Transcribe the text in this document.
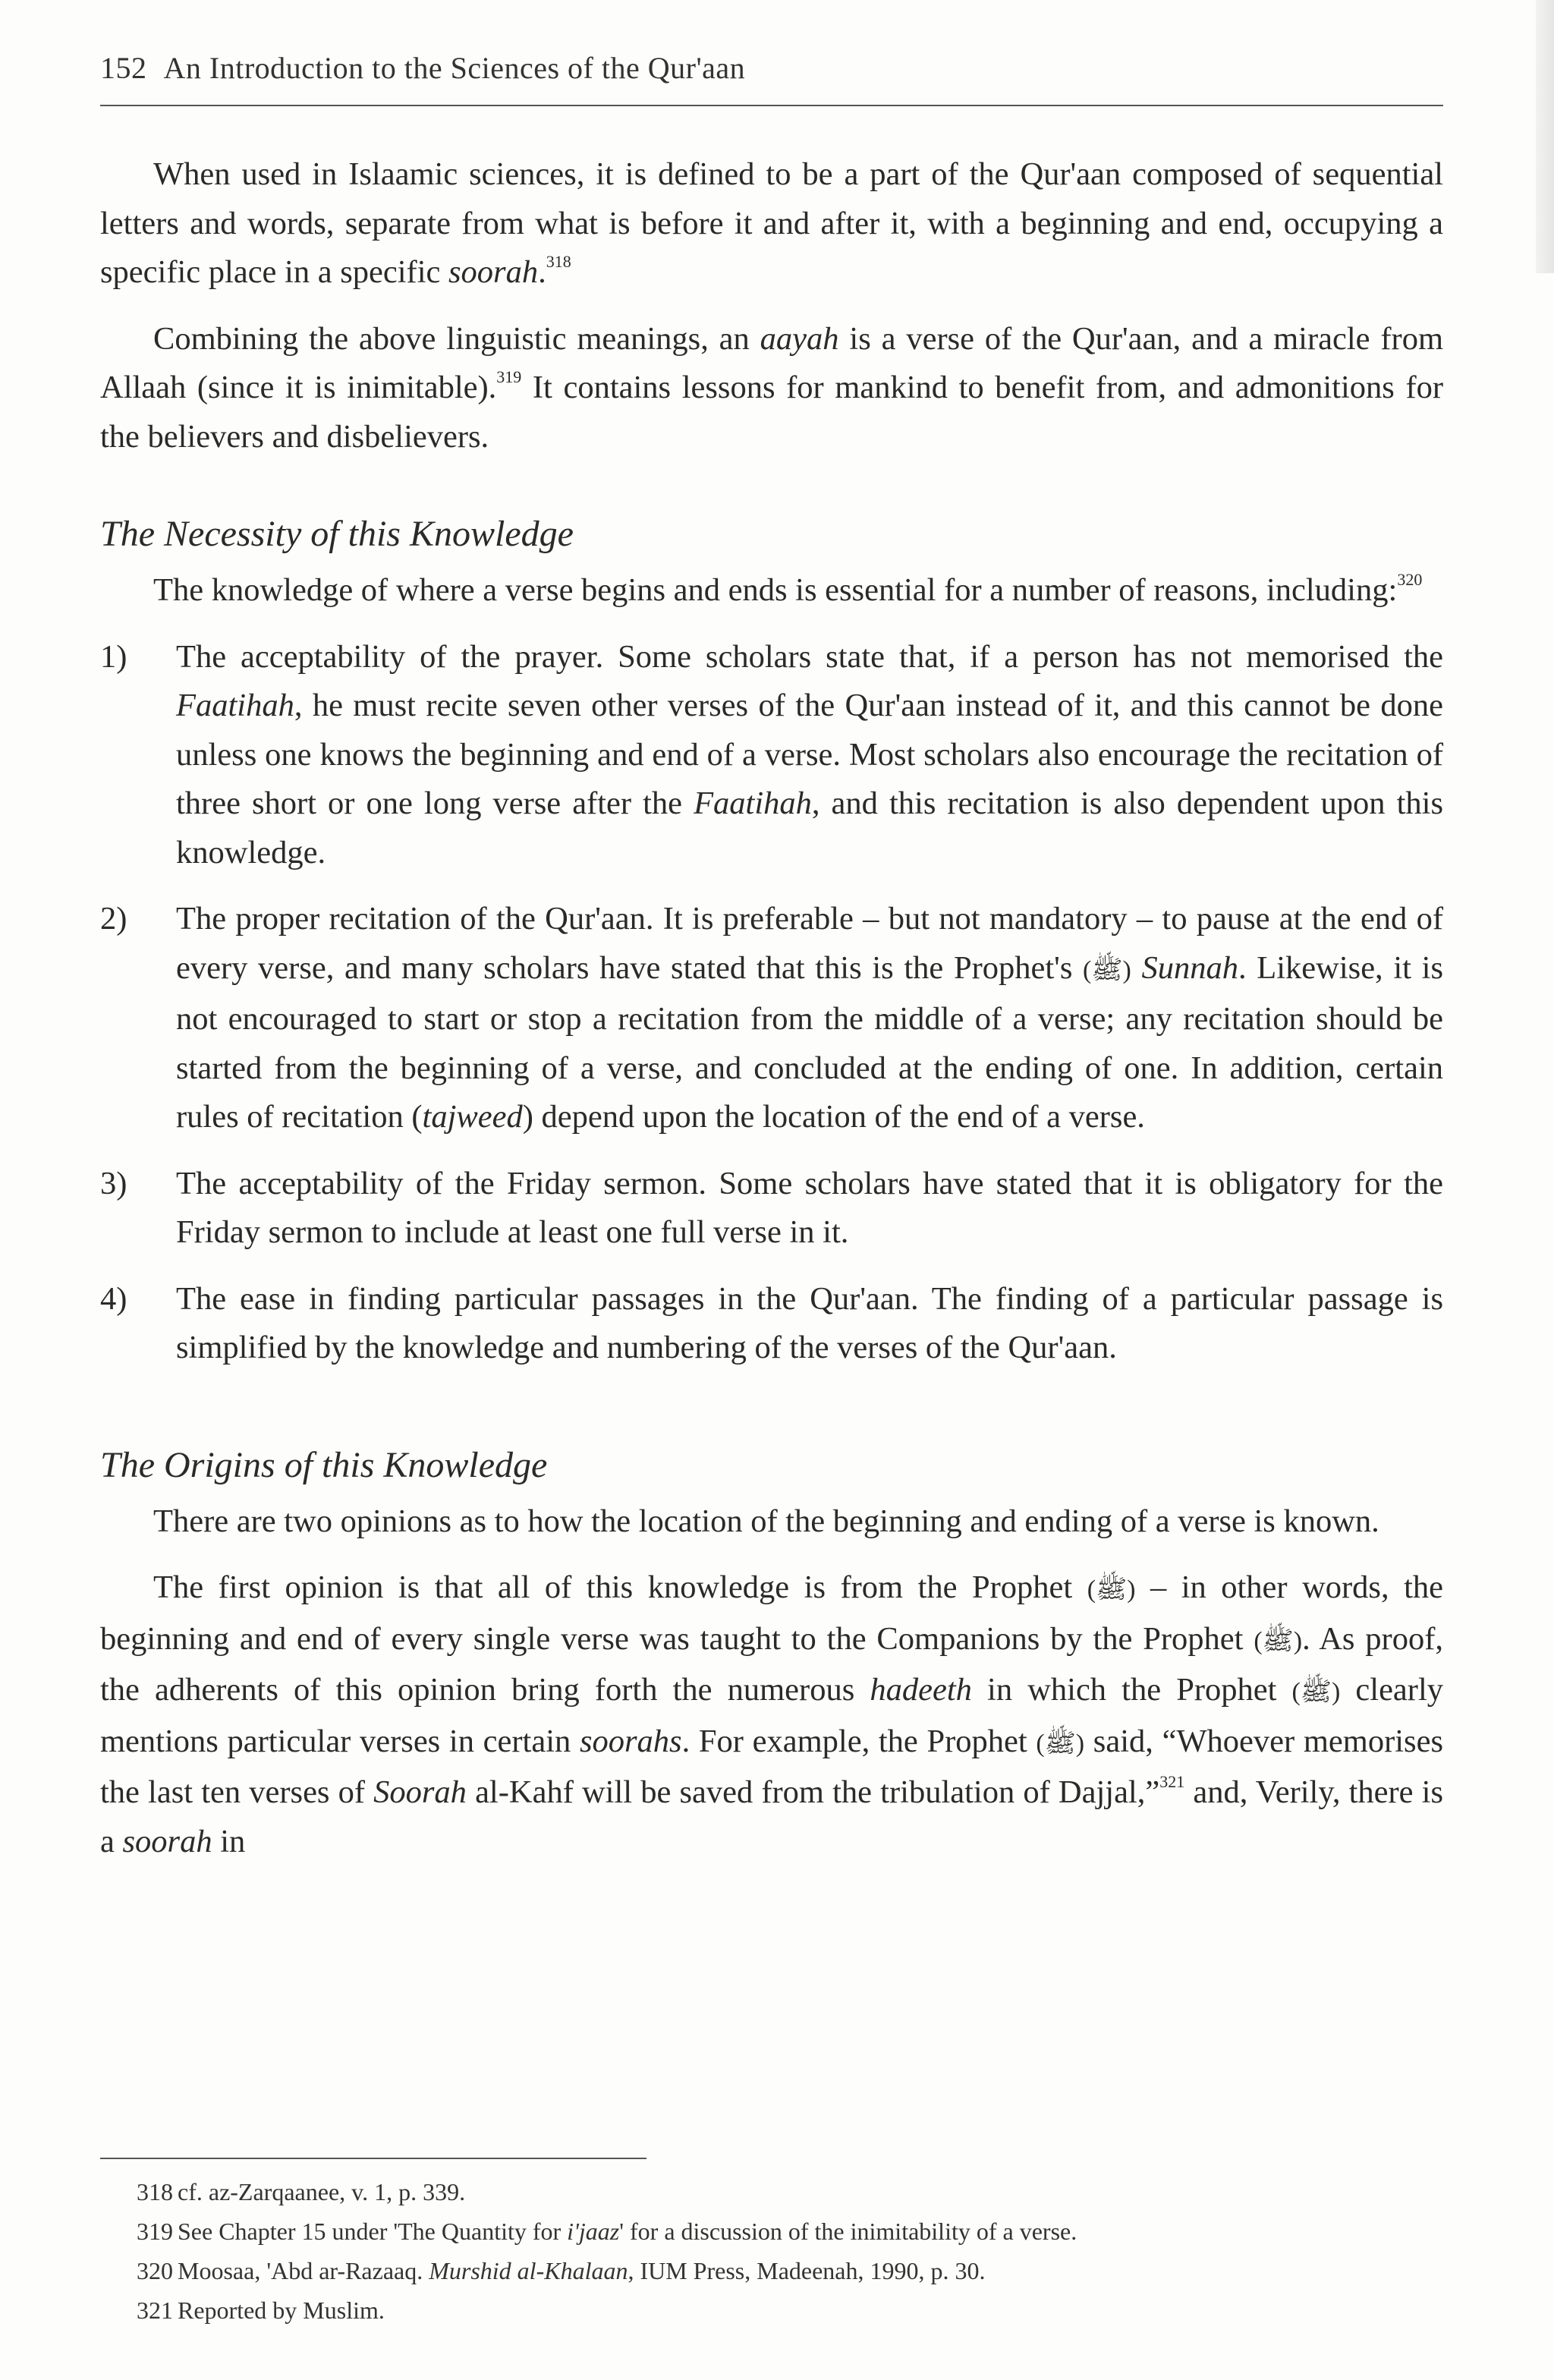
152 An Introduction to the Sciences of the Qur'aan

When used in Islaamic sciences, it is defined to be a part of the Qur'aan composed of sequential letters and words, separate from what is before it and after it, with a beginning and end, occupying a specific place in a specific soorah.$^{318}$

Combining the above linguistic meanings, an aayah is a verse of the Qur'aan, and a miracle from Allaah (since it is inimitable).$^{319}$ It contains lessons for mankind to benefit from, and admonitions for the believers and disbelievers.

The Necessity of this Knowledge

The knowledge of where a verse begins and ends is essential for a number of reasons, including:$^{320}$

1) The acceptability of the prayer. Some scholars state that, if a person has not memorised the Faatihah, he must recite seven other verses of the Qur'aan instead of it, and this cannot be done unless one knows the beginning and end of a verse. Most scholars also encourage the recitation of three short or one long verse after the Faatihah, and this recitation is also dependent upon this knowledge.
2) The proper recitation of the Qur'aan. It is preferable – but not mandatory – to pause at the end of every verse, and many scholars have stated that this is the Prophet's (ﷺ) Sunnah. Likewise, it is not encouraged to start or stop a recitation from the middle of a verse; any recitation should be started from the beginning of a verse, and concluded at the ending of one. In addition, certain rules of recitation (tajweed) depend upon the location of the end of a verse.
3) The acceptability of the Friday sermon. Some scholars have stated that it is obligatory for the Friday sermon to include at least one full verse in it.
4) The ease in finding particular passages in the Qur'aan. The finding of a particular passage is simplified by the knowledge and numbering of the verses of the Qur'aan.
The Origins of this Knowledge

There are two opinions as to how the location of the beginning and ending of a verse is known.

The first opinion is that all of this knowledge is from the Prophet (ﷺ) – in other words, the beginning and end of every single verse was taught to the Companions by the Prophet (ﷺ). As proof, the adherents of this opinion bring forth the numerous hadeeth in which the Prophet (ﷺ) clearly mentions particular verses in certain soorahs. For example, the Prophet (ﷺ) said, “Whoever memorises the last ten verses of Soorah al-Kahf will be saved from the tribulation of Dajjal,”$^{321}$ and, Verily, there is a soorah in

318 cf. az-Zarqaanee, v. 1, p. 339.
319 See Chapter 15 under 'The Quantity for i'jaaz' for a discussion of the inimitability of a verse.
320 Moosaa, 'Abd ar-Razaaq. Murshid al-Khalaan, IUM Press, Madeenah, 1990, p. 30.
321 Reported by Muslim.
